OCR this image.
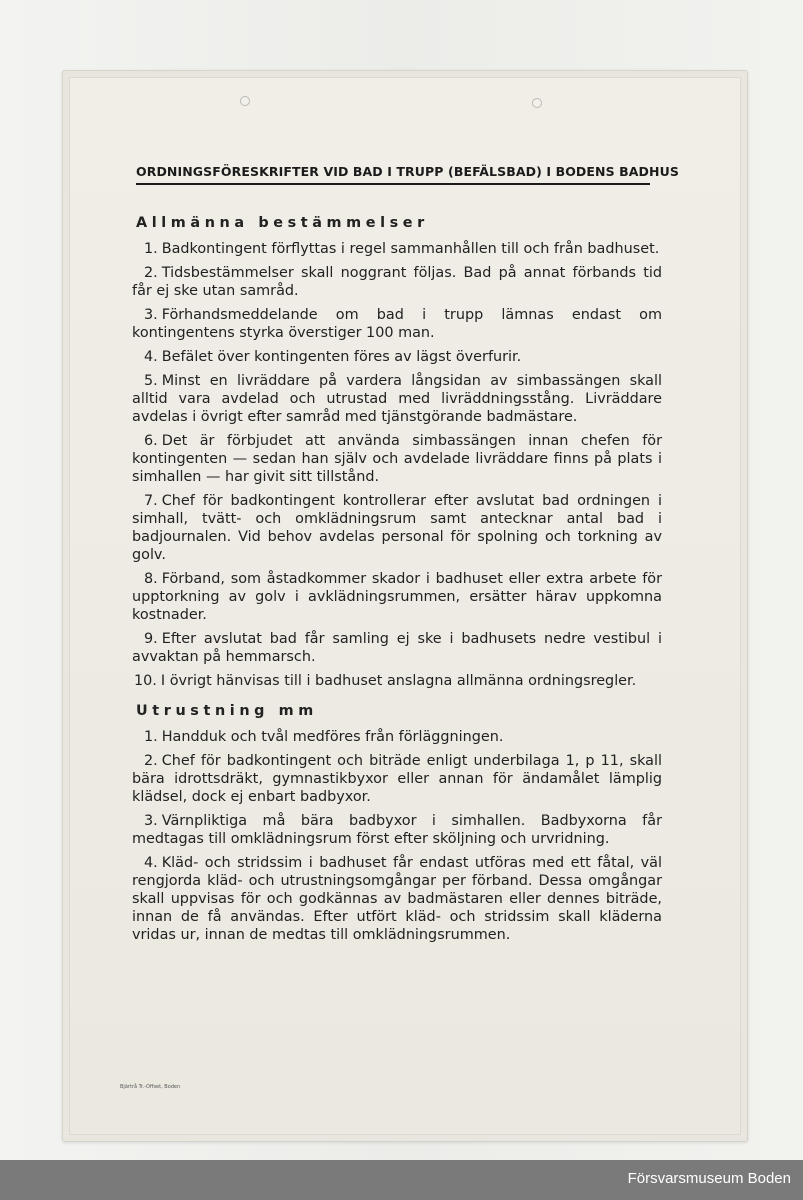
ORDNINGSFÖRESKRIFTER VID BAD I TRUPP (BEFÄLSBAD) I BODENS BADHUS
Allmänna bestämmelser
1. Badkontingent förflyttas i regel sammanhållen till och från badhuset.
2. Tidsbestämmelser skall noggrant följas. Bad på annat förbands tid får ej ske utan samråd.
3. Förhandsmeddelande om bad i trupp lämnas endast om kontingentens styrka överstiger 100 man.
4. Befälet över kontingenten föres av lägst överfurir.
5. Minst en livräddare på vardera långsidan av simbassängen skall alltid vara avdelad och utrustad med livräddningsstång. Livräddare avdelas i övrigt efter samråd med tjänstgörande badmästare.
6. Det är förbjudet att använda simbassängen innan chefen för kontingenten — sedan han själv och avdelade livräddare finns på plats i simhallen — har givit sitt tillstånd.
7. Chef för badkontingent kontrollerar efter avslutat bad ordningen i simhall, tvätt- och omklädningsrum samt antecknar antal bad i badjournalen. Vid behov avdelas personal för spolning och torkning av golv.
8. Förband, som åstadkommer skador i badhuset eller extra arbete för upptorkning av golv i avklädningsrummen, ersätter härav uppkomna kostnader.
9. Efter avslutat bad får samling ej ske i badhusets nedre vestibul i avvaktan på hemmarsch.
10. I övrigt hänvisas till i badhuset anslagna allmänna ordningsregler.
Utrustning mm
1. Handduk och tvål medföres från förläggningen.
2. Chef för badkontingent och biträde enligt underbilaga 1, p 11, skall bära idrottsdräkt, gymnastikbyxor eller annan för ändamålet lämplig klädsel, dock ej enbart badbyxor.
3. Värnpliktiga må bära badbyxor i simhallen. Badbyxorna får medtagas till omklädningsrum först efter sköljning och urvridning.
4. Kläd- och stridssim i badhuset får endast utföras med ett fåtal, väl rengjorda kläd- och utrustningsomgångar per förband. Dessa omgångar skall uppvisas för och godkännas av badmästaren eller dennes biträde, innan de få användas. Efter utfört kläd- och stridssim skall kläderna vridas ur, innan de medtas till omklädningsrummen.
Bjärtrå Tr.-Offset, Boden
Försvarsmuseum Boden
